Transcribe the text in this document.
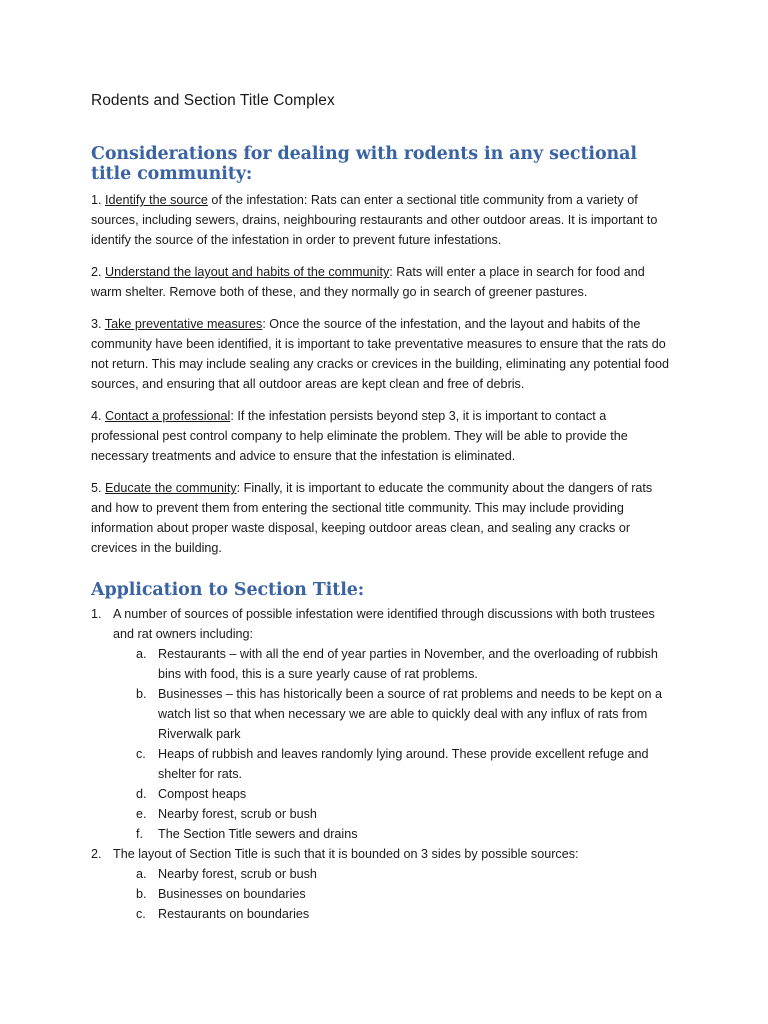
Rodents and Section Title Complex
Considerations for dealing with rodents in any sectional title community:

1. Identify the source of the infestation: Rats can enter a sectional title community from a variety of sources, including sewers, drains, neighbouring restaurants and other outdoor areas. It is important to identify the source of the infestation in order to prevent future infestations.

2. Understand the layout and habits of the community: Rats will enter a place in search for food and warm shelter. Remove both of these, and they normally go in search of greener pastures.

3. Take preventative measures: Once the source of the infestation, and the layout and habits of the community have been identified, it is important to take preventative measures to ensure that the rats do not return. This may include sealing any cracks or crevices in the building, eliminating any potential food sources, and ensuring that all outdoor areas are kept clean and free of debris.

4. Contact a professional: If the infestation persists beyond step 3, it is important to contact a professional pest control company to help eliminate the problem. They will be able to provide the necessary treatments and advice to ensure that the infestation is eliminated.

5. Educate the community: Finally, it is important to educate the community about the dangers of rats and how to prevent them from entering the sectional title community. This may include providing information about proper waste disposal, keeping outdoor areas clean, and sealing any cracks or crevices in the building.

Application to Section Title:
1. A number of sources of possible infestation were identified through discussions with both trustees and rat owners including:
a. Restaurants – with all the end of year parties in November, and the overloading of rubbish bins with food, this is a sure yearly cause of rat problems.
b. Businesses – this has historically been a source of rat problems and needs to be kept on a watch list so that when necessary we are able to quickly deal with any influx of rats from Riverwalk park
c. Heaps of rubbish and leaves randomly lying around. These provide excellent refuge and shelter for rats.
d. Compost heaps
e. Nearby forest, scrub or bush
f. The Section Title sewers and drains
2. The layout of Section Title is such that it is bounded on 3 sides by possible sources:
a. Nearby forest, scrub or bush
b. Businesses on boundaries
c. Restaurants on boundaries
